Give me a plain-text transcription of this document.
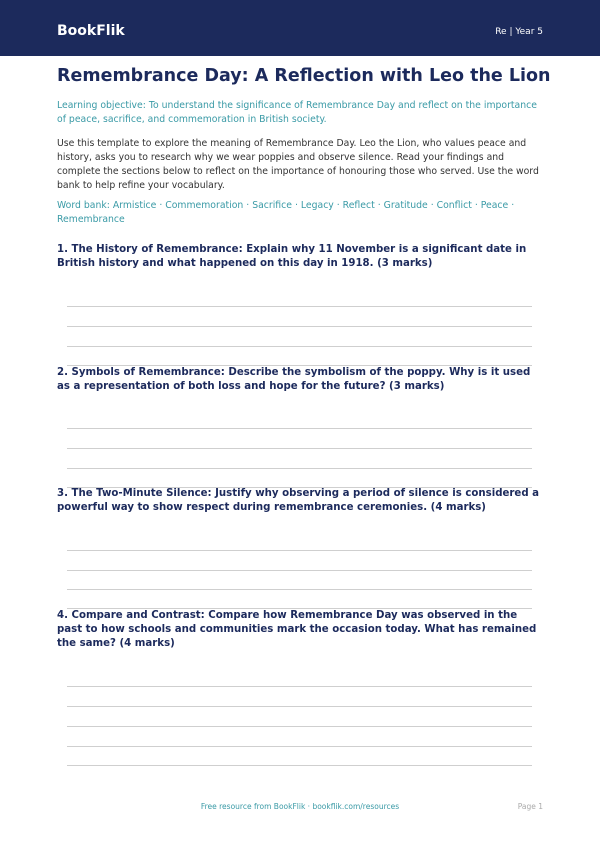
BookFlik	Re | Year 5
Remembrance Day: A Reflection with Leo the Lion
Learning objective: To understand the significance of Remembrance Day and reflect on the importance of peace, sacrifice, and commemoration in British society.
Use this template to explore the meaning of Remembrance Day. Leo the Lion, who values peace and history, asks you to research why we wear poppies and observe silence. Read your findings and complete the sections below to reflect on the importance of honouring those who served. Use the word bank to help refine your vocabulary.
Word bank: Armistice · Commemoration · Sacrifice · Legacy · Reflect · Gratitude · Conflict · Peace · Remembrance
1. The History of Remembrance: Explain why 11 November is a significant date in British history and what happened on this day in 1918. (3 marks)
2. Symbols of Remembrance: Describe the symbolism of the poppy. Why is it used as a representation of both loss and hope for the future? (3 marks)
3. The Two-Minute Silence: Justify why observing a period of silence is considered a powerful way to show respect during remembrance ceremonies. (4 marks)
4. Compare and Contrast: Compare how Remembrance Day was observed in the past to how schools and communities mark the occasion today. What has remained the same? (4 marks)
Free resource from BookFlik · bookflik.com/resources	Page 1
